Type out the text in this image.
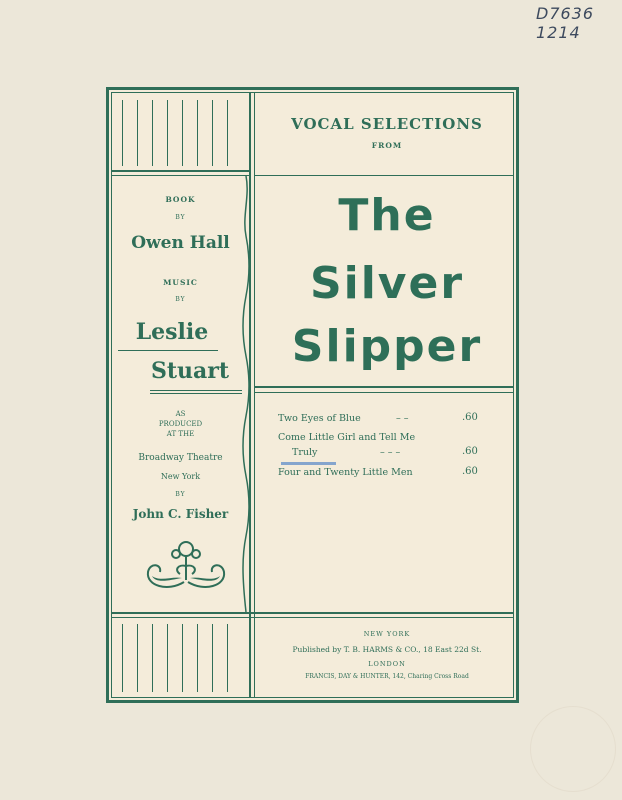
D7636
1214
VOCAL SELECTIONS
FROM
The
Silver
Slipper
BOOK
BY
Owen Hall
MUSIC
BY
Leslie
Stuart
AS
PRODUCED
AT THE
Broadway Theatre
New York
BY
John C. Fisher
Two Eyes of Blue	– –	.60
Come Little Girl and Tell Me
Truly	– – –	.60
Four and Twenty Little Men	.60
NEW YORK
Published by T. B. HARMS & CO., 18 East 22d St.
LONDON
FRANCIS, DAY & HUNTER, 142, Charing Cross Road
